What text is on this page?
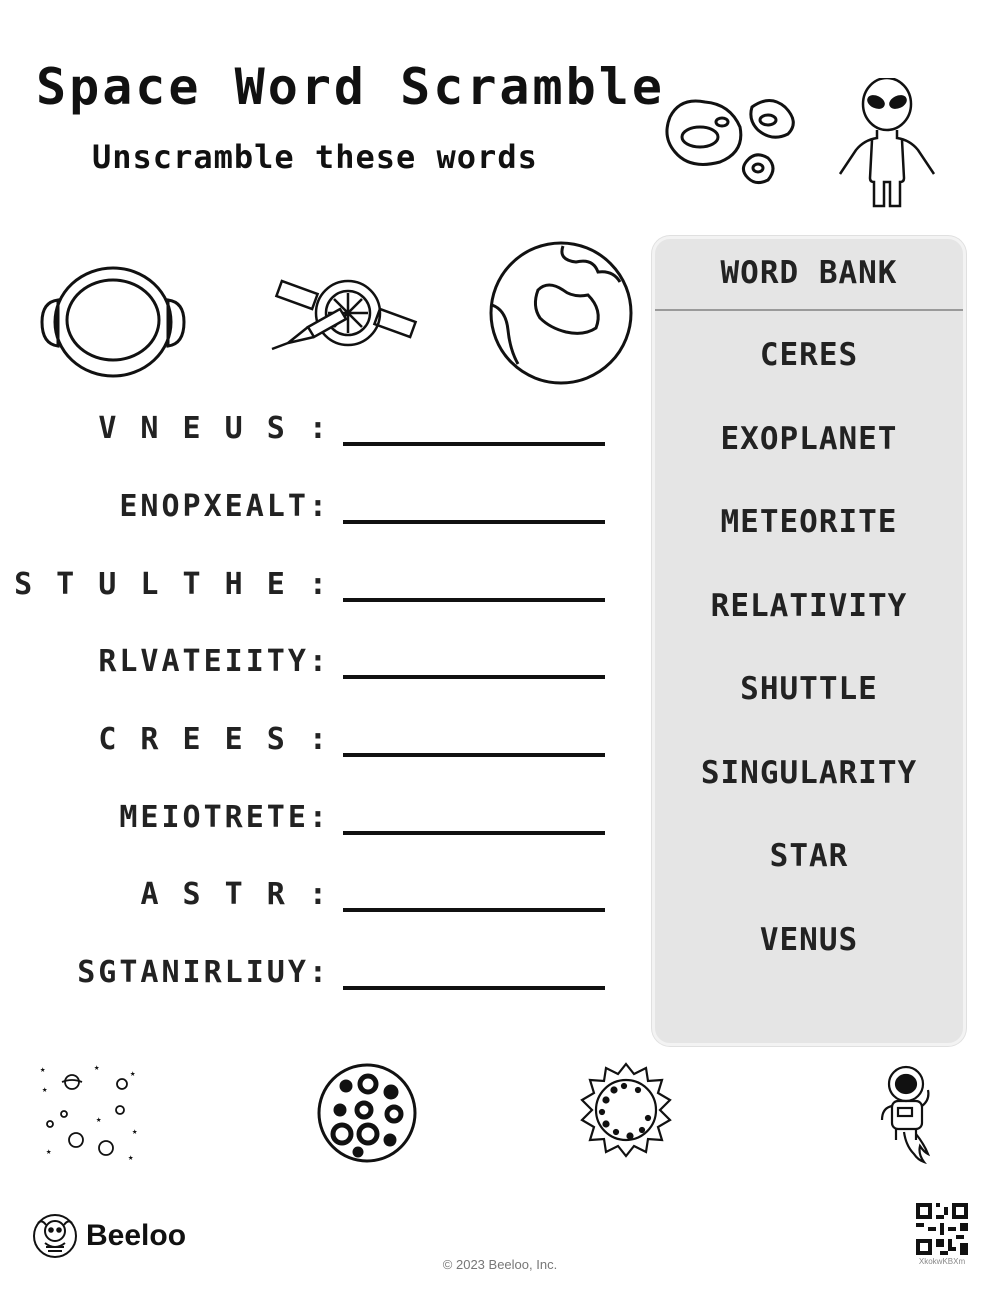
Space Word Scramble
Unscramble these words
V N E U S :
ENOPXEALT:
S T U L T H E :
RLVATEIITY:
C R E E S :
MEIOTRETE:
A S T R :
SGTANIRLIUY:
WORD BANK
CERES
EXOPLANET
METEORITE
RELATIVITY
SHUTTLE
SINGULARITY
STAR
VENUS
★	★
★
★
★
★
★
★
Beeloo
© 2023 Beeloo, Inc.	XkokwKBXm
